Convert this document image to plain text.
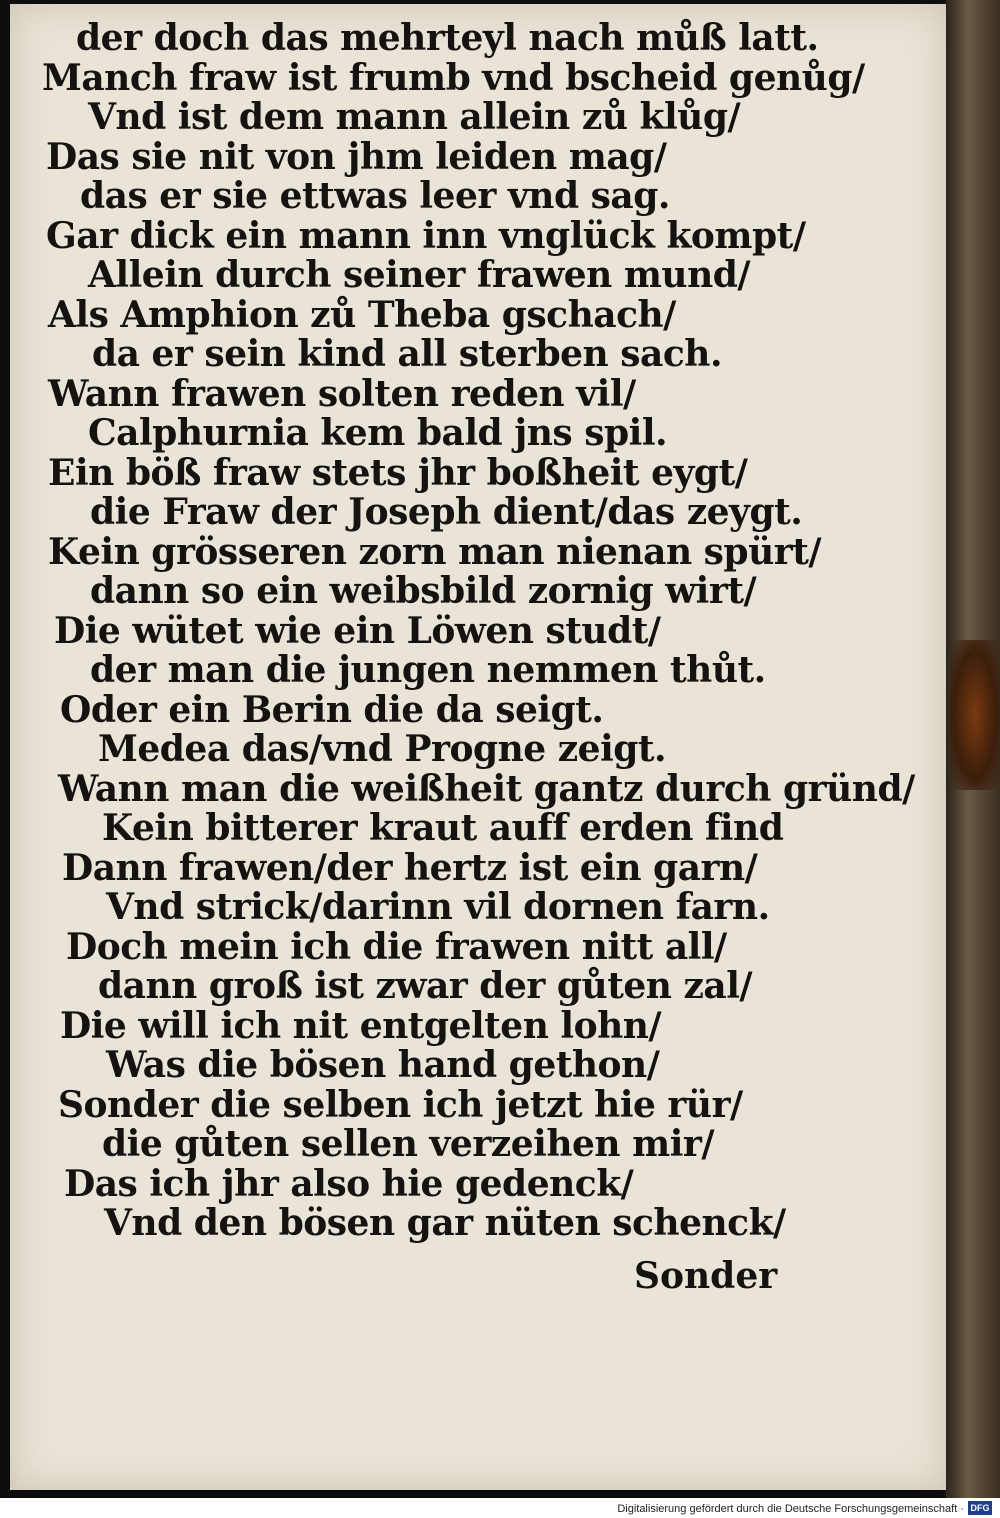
der doch das mehrteyl nach můß latt.
Manch fraw ist frumb vnd bscheid genůg/
Vnd ist dem mann allein zů klůg/
Das sie nit von jhm leiden mag/
das er sie ettwas leer vnd sag.
Gar dick ein mann inn vnglück kompt/
Allein durch seiner frawen mund/
Als Amphion zů Theba gschach/
da er sein kind all sterben sach.
Wann frawen solten reden vil/
Calphurnia kem bald jns spil.
Ein böß fraw stets jhr boßheit eygt/
die Fraw der Joseph dient/das zeygt.
Kein grösseren zorn man nienan spürt/
dann so ein weibsbild zornig wirt/
Die wütet wie ein Löwen studt/
der man die jungen nemmen thůt.
Oder ein Berin die da seigt.
Medea das/vnd Progne zeigt.
Wann man die weißheit gantz durch gründ/
Kein bitterer kraut auff erden find
Dann frawen/der hertz ist ein garn/
Vnd strick/darinn vil dornen farn.
Doch mein ich die frawen nitt all/
dann groß ist zwar der gůten zal/
Die will ich nit entgelten lohn/
Was die bösen hand gethon/
Sonder die selben ich jetzt hie rür/
die gůten sellen verzeihen mir/
Das ich jhr also hie gedenck/
Vnd den bösen gar nüten schenck/
Sonder
Digitalisierung gefördert durch die Deutsche Forschungsgemeinschaft · DFG
